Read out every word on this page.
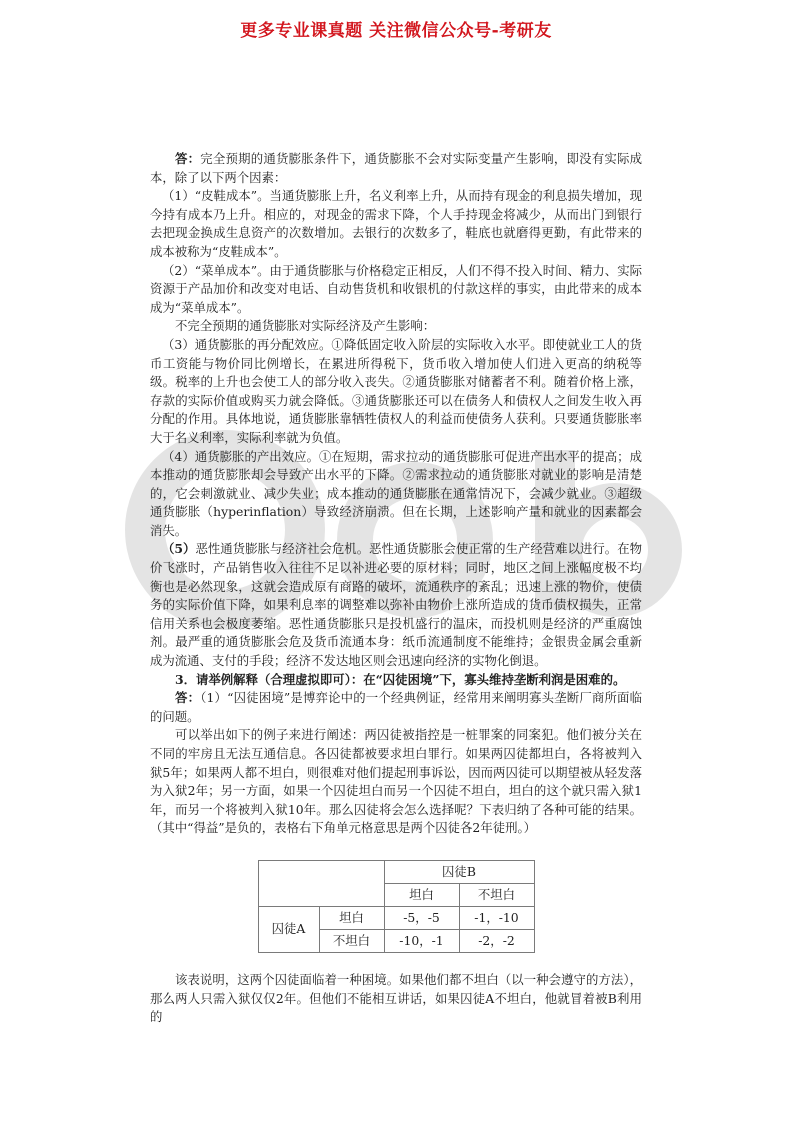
更多专业课真题 关注微信公众号-考研友

答：完全预期的通货膨胀条件下，通货膨胀不会对实际变量产生影响，即没有实际成本，除了以下两个因素：

（1）“皮鞋成本”。当通货膨胀上升，名义利率上升，从而持有现金的利息损失增加，现今持有成本乃上升。相应的，对现金的需求下降，个人手持现金将减少，从而出门到银行去把现金换成生息资产的次数增加。去银行的次数多了，鞋底也就磨得更勤，有此带来的成本被称为“皮鞋成本”。

（2）“菜单成本”。由于通货膨胀与价格稳定正相反，人们不得不投入时间、精力、实际资源于产品加价和改变对电话、自动售货机和收银机的付款这样的事实，由此带来的成本成为“菜单成本”。

不完全预期的通货膨胀对实际经济及产生影响：

（3）通货膨胀的再分配效应。①降低固定收入阶层的实际收入水平。即使就业工人的货币工资能与物价同比例增长，在累进所得税下，货币收入增加使人们进入更高的纳税等级。税率的上升也会使工人的部分收入丧失。②通货膨胀对储蓄者不利。随着价格上涨，存款的实际价值或购买力就会降低。③通货膨胀还可以在债务人和债权人之间发生收入再分配的作用。具体地说，通货膨胀靠牺牲债权人的利益而使债务人获利。只要通货膨胀率大于名义利率，实际利率就为负值。

（4）通货膨胀的产出效应。①在短期，需求拉动的通货膨胀可促进产出水平的提高；成本推动的通货膨胀却会导致产出水平的下降。②需求拉动的通货膨胀对就业的影响是清楚的，它会刺激就业、减少失业；成本推动的通货膨胀在通常情况下，会减少就业。③超级通货膨胀（hyperinflation）导致经济崩溃。但在长期，上述影响产量和就业的因素都会消失。

（5）恶性通货膨胀与经济社会危机。恶性通货膨胀会使正常的生产经营难以进行。在物价飞涨时，产品销售收入往往不足以补进必要的原材料；同时，地区之间上涨幅度极不均衡也是必然现象，这就会造成原有商路的破坏，流通秩序的紊乱；迅速上涨的物价，使债务的实际价值下降，如果利息率的调整难以弥补由物价上涨所造成的货币债权损失，正常信用关系也会极度萎缩。恶性通货膨胀只是投机盛行的温床，而投机则是经济的严重腐蚀剂。最严重的通货膨胀会危及货币流通本身：纸币流通制度不能维持；金银贵金属会重新成为流通、支付的手段；经济不发达地区则会迅速向经济的实物化倒退。

3．请举例解释（合理虚拟即可）：在“囚徒困境”下，寡头维持垄断利润是困难的。

答：（1）“囚徒困境”是博弈论中的一个经典例证，经常用来阐明寡头垄断厂商所面临的问题。

可以举出如下的例子来进行阐述：两囚徒被指控是一桩罪案的同案犯。他们被分关在不同的牢房且无法互通信息。各囚徒都被要求坦白罪行。如果两囚徒都坦白，各将被判入狱5年；如果两人都不坦白，则很难对他们提起刑事诉讼，因而两囚徒可以期望被从轻发落为入狱2年；另一方面，如果一个囚徒坦白而另一个囚徒不坦白，坦白的这个就只需入狱1年，而另一个将被判入狱10年。那么囚徒将会怎么选择呢？下表归纳了各种可能的结果。（其中“得益”是负的，表格右下角单元格意思是两个囚徒各2年徒刑。）

		囚徒B	
		坦白	不坦白
囚徒A	坦白	-5，-5	-1，-10
	不坦白	-10，-1	-2，-2

该表说明，这两个囚徒面临着一种困境。如果他们都不坦白（以一种会遵守的方法），那么两人只需入狱仅仅2年。但他们不能相互讲话，如果囚徒A不坦白，他就冒着被B利用的
